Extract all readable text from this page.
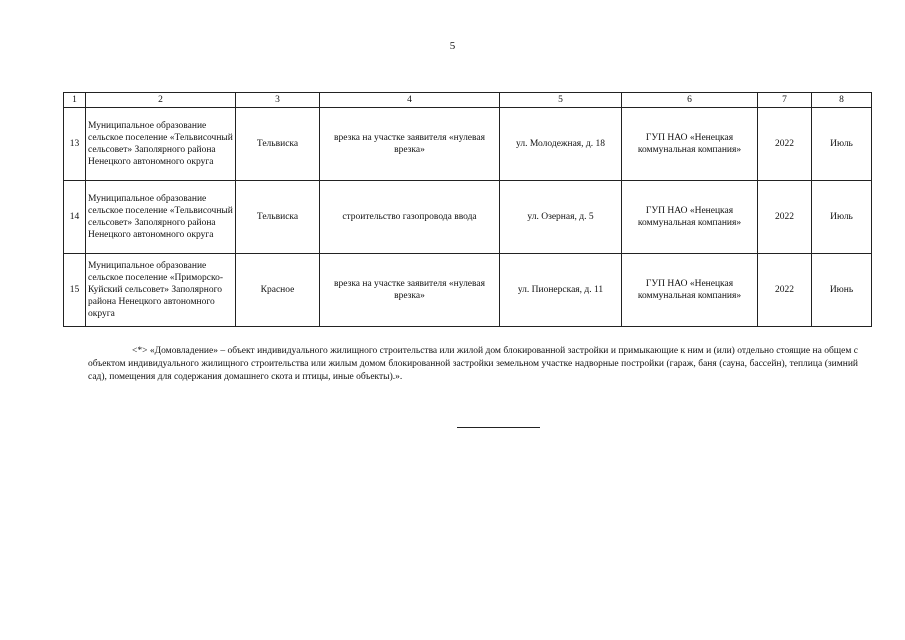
5
1	2	3	4	5	6	7	8
13	Муниципальное образование сельское поселение «Тельвисочный сельсовет» Заполярного района Ненецкого автономного округа	Тельвиска	врезка на участке заявителя «нулевая врезка»	ул. Молодежная, д. 18	ГУП НАО «Ненецкая коммунальная компания»	2022	Июль
14	Муниципальное образование сельское поселение «Тельвисочный сельсовет» Заполярного района Ненецкого автономного округа	Тельвиска	строительство газопровода ввода	ул. Озерная, д. 5	ГУП НАО «Ненецкая коммунальная компания»	2022	Июль
15	Муниципальное образование сельское поселение «Приморско-Куйский сельсовет» Заполярного района Ненецкого автономного округа	Красное	врезка на участке заявителя «нулевая врезка»	ул. Пионерская, д. 11	ГУП НАО «Ненецкая коммунальная компания»	2022	Июнь
<*> «Домовладение» – объект индивидуального жилищного строительства или жилой дом блокированной застройки и примыкающие к ним и (или) отдельно стоящие на общем с объектом индивидуального жилищного строительства или жилым домом блокированной застройки земельном участке надворные постройки (гараж, баня (сауна, бассейн), теплица (зимний сад), помещения для содержания домашнего скота и птицы, иные объекты).».
